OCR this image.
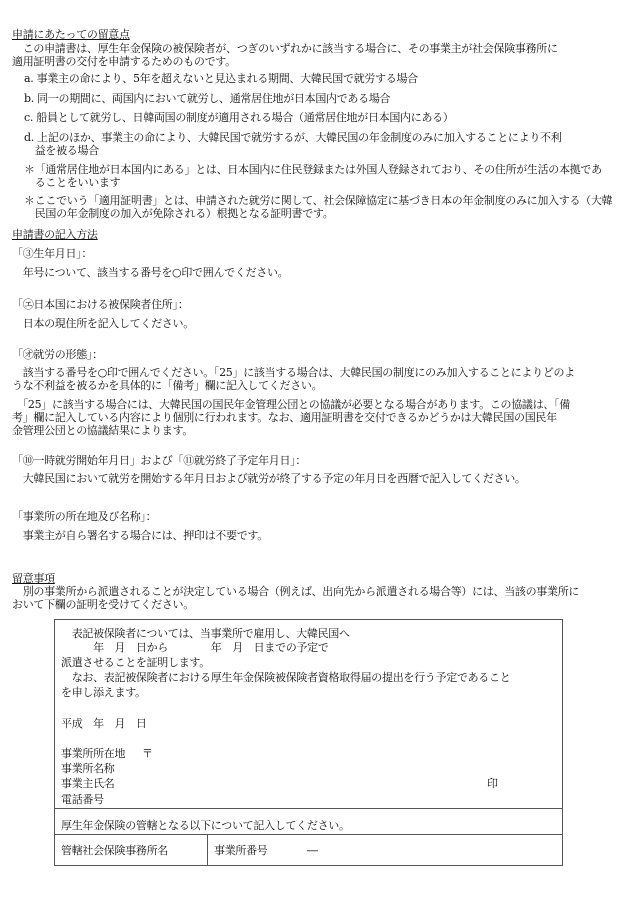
申請にあたっての留意点
　この申請書は、厚生年金保険の被保険者が、つぎのいずれかに該当する場合に、その事業主が社会保険事務所に
適用証明書の交付を申請するためのものです。
a. 事業主の命により、5年を超えないと見込まれる期間、大韓民国で就労する場合
b. 同一の期間に、両国内において就労し、通常居住地が日本国内である場合
c. 船員として就労し、日韓両国の制度が適用される場合（通常居住地が日本国内にある）
d. 上記のほか、事業主の命により、大韓民国で就労するが、大韓民国の年金制度のみに加入することにより不利
　益を被る場合
＊「通常居住地が日本国内にある」とは、日本国内に住民登録または外国人登録されており、その住所が生活の本拠であ
　ることをいいます
＊ここでいう「適用証明書」とは、申請された就労に関して、社会保障協定に基づき日本の年金制度のみに加入する（大韓
　民国の年金制度の加入が免除される）根拠となる証明書です。
申請書の記入方法
「③生年月日」：
　年号について、該当する番号を○印で囲んでください。
「㋓日本国における被保険者住所」：
　日本の現住所を記入してください。
「㋔就労の形態」：
　該当する番号を○印で囲んでください。「25」に該当する場合は、大韓民国の制度にのみ加入することによりどのよ
うな不利益を被るかを具体的に「備考」欄に記入してください。
　「25」に該当する場合には、大韓民国の国民年金管理公団との協議が必要となる場合があります。この協議は、「備
考」欄に記入している内容により個別に行われます。なお、適用証明書を交付できるかどうかは大韓民国の国民年
金管理公団との協議結果によります。
「⑩一時就労開始年月日」および「⑪就労終了予定年月日」：
　大韓民国において就労を開始する年月日および就労が終了する予定の年月日を西暦で記入してください。
「事業所の所在地及び名称」：
　事業主が自ら署名する場合には、押印は不要です。
留意事項
　別の事業所から派遣されることが決定している場合（例えば、出向先から派遣される場合等）には、当該の事業所に
おいて下欄の証明を受けてください。
　表記被保険者については、当事業所で雇用し、大韓民国へ
　　　年　月　日から　　　　年　月　日までの予定で
派遣させることを証明します。
　なお、表記被保険者における厚生年金保険被保険者資格取得届の提出を行う予定であること
を申し添えます。
平成　年　月　日
事業所所在地 〒
事業所名称
事業主氏名	印
電話番号
厚生年金保険の管轄となる以下について記入してください。
管轄社会保険事務所名	事業所番号	―
